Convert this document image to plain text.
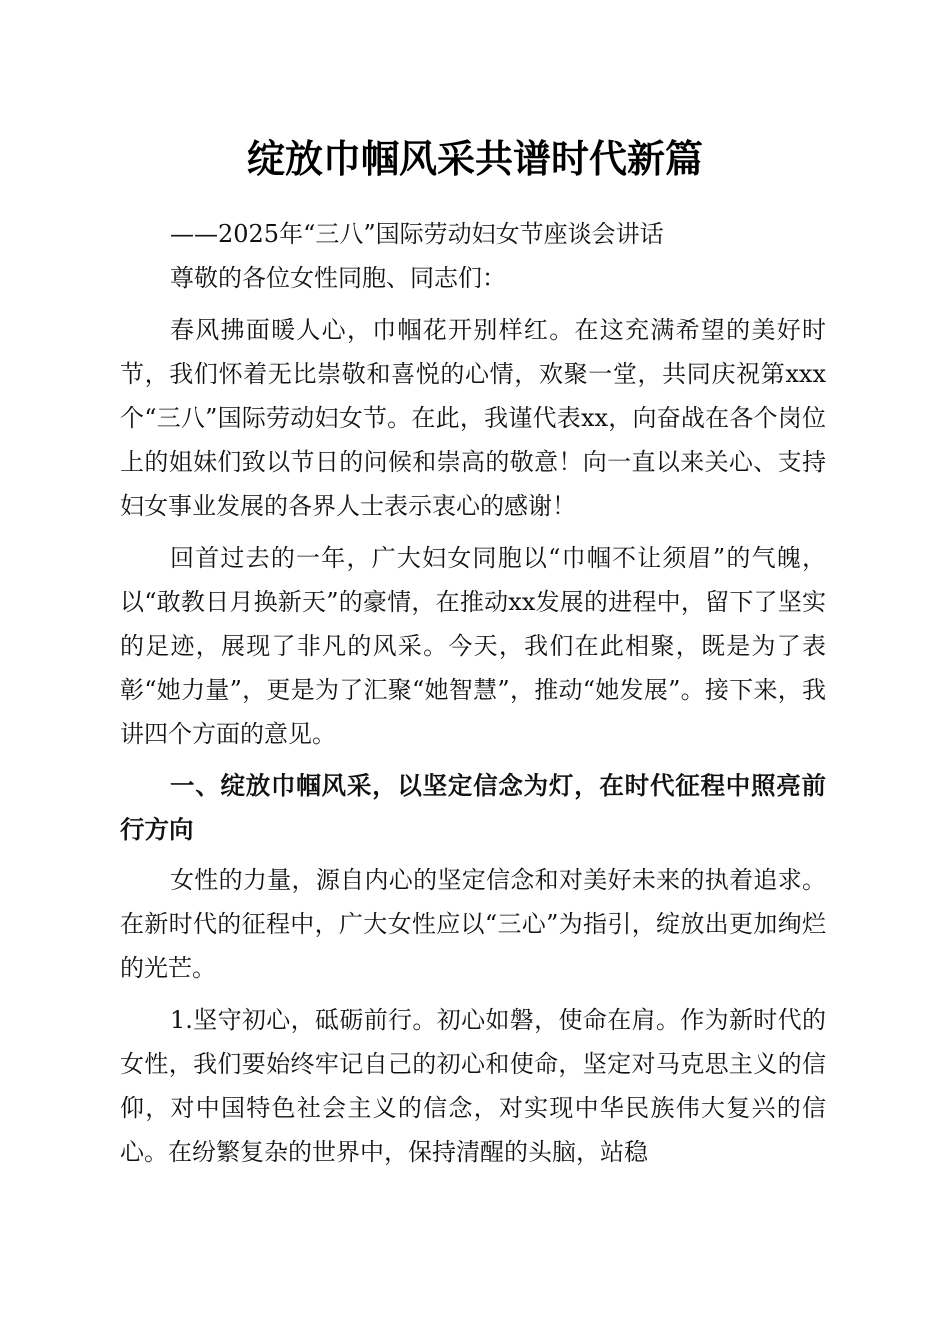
绽放巾帼风采共谱时代新篇

——2025年“三八”国际劳动妇女节座谈会讲话

尊敬的各位女性同胞、同志们：

春风拂面暖人心，巾帼花开别样红。在这充满希望的美好时节，我们怀着无比崇敬和喜悦的心情，欢聚一堂，共同庆祝第xxx个“三八”国际劳动妇女节。在此，我谨代表xx，向奋战在各个岗位上的姐妹们致以节日的问候和崇高的敬意！向一直以来关心、支持妇女事业发展的各界人士表示衷心的感谢！

回首过去的一年，广大妇女同胞以“巾帼不让须眉”的气魄，以“敢教日月换新天”的豪情，在推动xx发展的进程中，留下了坚实的足迹，展现了非凡的风采。今天，我们在此相聚，既是为了表彰“她力量”，更是为了汇聚“她智慧”，推动“她发展”。接下来，我讲四个方面的意见。

一、绽放巾帼风采，以坚定信念为灯，在时代征程中照亮前行方向

女性的力量，源自内心的坚定信念和对美好未来的执着追求。在新时代的征程中，广大女性应以“三心”为指引，绽放出更加绚烂的光芒。

1.坚守初心，砥砺前行。初心如磐，使命在肩。作为新时代的女性，我们要始终牢记自己的初心和使命，坚定对马克思主义的信仰，对中国特色社会主义的信念，对实现中华民族伟大复兴的信心。在纷繁复杂的世界中，保持清醒的头脑，站稳
